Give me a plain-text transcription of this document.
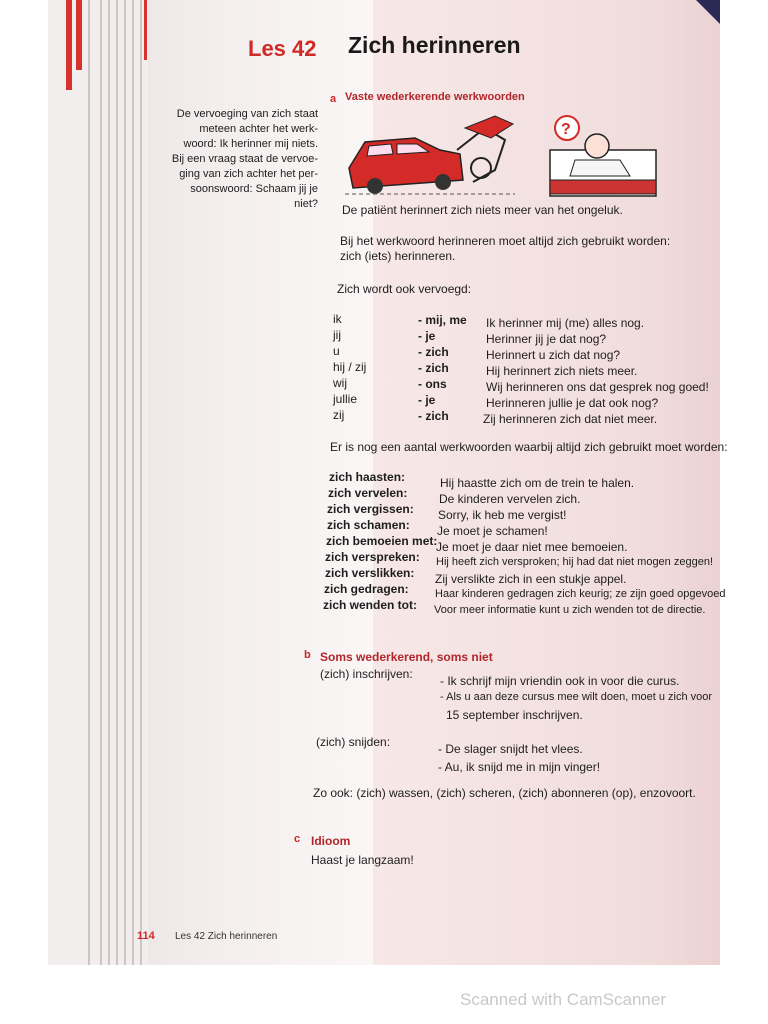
Les 42 Zich herinneren
De vervoeging van zich staat
meteen achter het werk-
woord: Ik herinner mij niets.
Bij een vraag staat de vervoe-
ging van zich achter het per-
soonswoord: Schaam jij je
niet?
a Vaste wederkerende werkwoorden
?
De patiënt herinnert zich niets meer van het ongeluk.
Bij het werkwoord herinneren moet altijd zich gebruikt worden:
zich (iets) herinneren.
Zich wordt ook vervoegd:
ik	- mij, me Ik herinner mij (me) alles nog.
jij	- je	Herinner jij je dat nog?
u	- zich	Herinnert u zich dat nog?
hij / zij	- zich	Hij herinnert zich niets meer.
wij	- ons	Wij herinneren ons dat gesprek nog goed!
jullie	- je	Herinneren jullie je dat ook nog?
zij	- zich	Zij herinneren zich dat niet meer.
Er is nog een aantal werkwoorden waarbij altijd zich gebruikt moet worden:
zich haasten:	Hij haastte zich om de trein te halen.
zich vervelen:	De kinderen vervelen zich.
zich vergissen: Sorry, ik heb me vergist!
zich schamen: Je moet je schamen!
zich bemoeien met:
Je moet je daar niet mee bemoeien.
zich verspreken: Hij heeft zich versproken; hij had dat niet mogen zeggen!
zich verslikken: Zij verslikte zich in een stukje appel.
zich gedragen: Haar kinderen gedragen zich keurig; ze zijn goed opgevoed
zich wenden tot: Voor meer informatie kunt u zich wenden tot de directie.
b Soms wederkerend, soms niet
(zich) inschrijven: - Ik schrijf mijn vriendin ook in voor die curus.
- Als u aan deze cursus mee wilt doen, moet u zich voor
15 september inschrijven.
(zich) snijden:	- De slager snijdt het vlees.
- Au, ik snijd me in mijn vinger!
Zo ook: (zich) wassen, (zich) scheren, (zich) abonneren (op), enzovoort.
c Idioom
Haast je langzaam!
114 Les 42 Zich herinneren
Scanned with CamScanner
